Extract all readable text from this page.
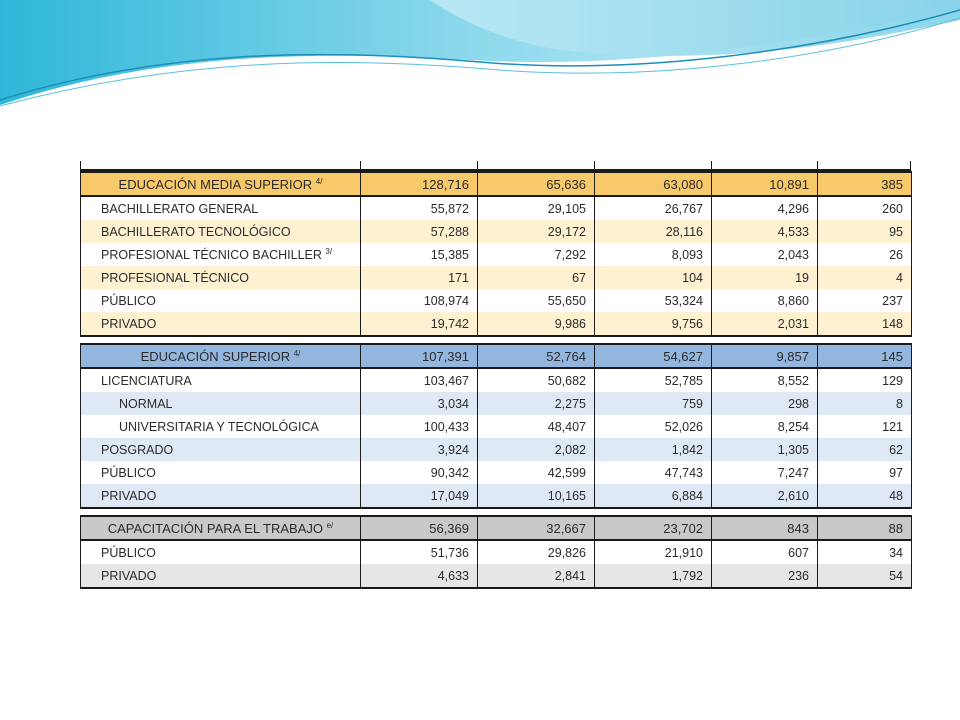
EDUCACIÓN MEDIA SUPERIOR $^{4/}$	128,716	65,636	63,080	10,891	385
BACHILLERATO GENERAL	55,872	29,105	26,767	4,296	260
BACHILLERATO TECNOLÓGICO	57,288	29,172	28,116	4,533	95
PROFESIONAL TÉCNICO BACHILLER $^{3/}$	15,385	7,292	8,093	2,043	26
PROFESIONAL TÉCNICO	171	67	104	19	4
PÚBLICO	108,974	55,650	53,324	8,860	237
PRIVADO	19,742	9,986	9,756	2,031	148

EDUCACIÓN SUPERIOR $^{4/}$	107,391	52,764	54,627	9,857	145
LICENCIATURA	103,467	50,682	52,785	8,552	129
NORMAL	3,034	2,275	759	298	8
UNIVERSITARIA Y TECNOLÓGICA	100,433	48,407	52,026	8,254	121
POSGRADO	3,924	2,082	1,842	1,305	62
PÚBLICO	90,342	42,599	47,743	7,247	97
PRIVADO	17,049	10,165	6,884	2,610	48

CAPACITACIÓN PARA EL TRABAJO $^{e/}$	56,369	32,667	23,702	843	88
PÚBLICO	51,736	29,826	21,910	607	34
PRIVADO	4,633	2,841	1,792	236	54
